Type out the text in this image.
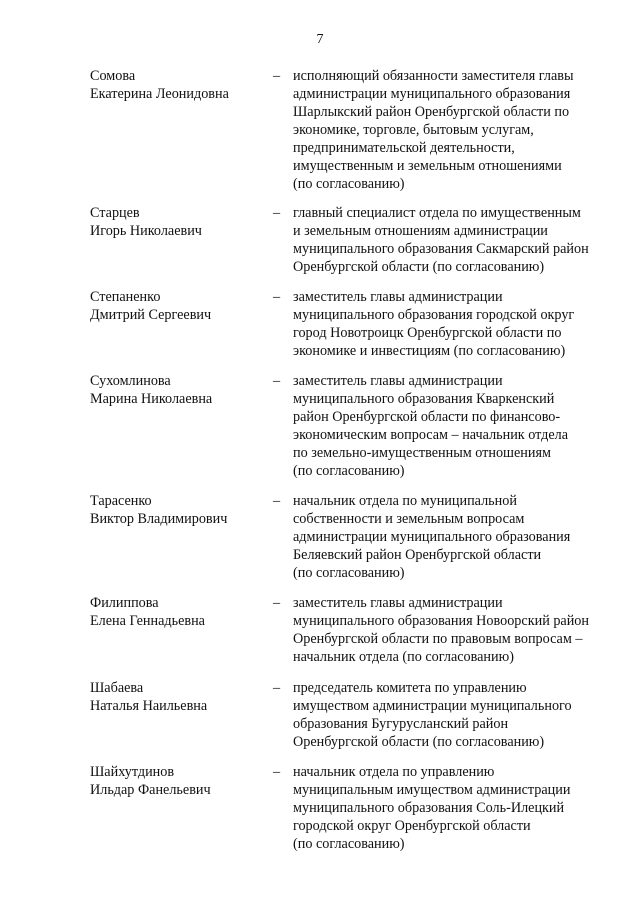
7
Сомова
Екатерина Леонидовна
– исполняющий обязанности заместителя главы
администрации муниципального образования
Шарлыкский район Оренбургской области по
экономике, торговле, бытовым услугам,
предпринимательской деятельности,
имущественным и земельным отношениями
(по согласованию)
Старцев
Игорь Николаевич
– главный специалист отдела по имущественным
и земельным отношениям администрации
муниципального образования Сакмарский район
Оренбургской области (по согласованию)
Степаненко
Дмитрий Сергеевич
– заместитель главы администрации
муниципального образования городской округ
город Новотроицк Оренбургской области по
экономике и инвестициям (по согласованию)
Сухомлинова
Марина Николаевна
– заместитель главы администрации
муниципального образования Кваркенский
район Оренбургской области по финансово-
экономическим вопросам – начальник отдела
по земельно-имущественным отношениям
(по согласованию)
Тарасенко
Виктор Владимирович
– начальник отдела по муниципальной
собственности и земельным вопросам
администрации муниципального образования
Беляевский район Оренбургской области
(по согласованию)
Филиппова
Елена Геннадьевна
– заместитель главы администрации
муниципального образования Новоорский район
Оренбургской области по правовым вопросам –
начальник отдела (по согласованию)
Шабаева
Наталья Наильевна
– председатель комитета по управлению
имуществом администрации муниципального
образования Бугурусланский район
Оренбургской области (по согласованию)
Шайхутдинов
Ильдар Фанельевич
– начальник отдела по управлению
муниципальным имуществом администрации
муниципального образования Соль-Илецкий
городской округ Оренбургской области
(по согласованию)
